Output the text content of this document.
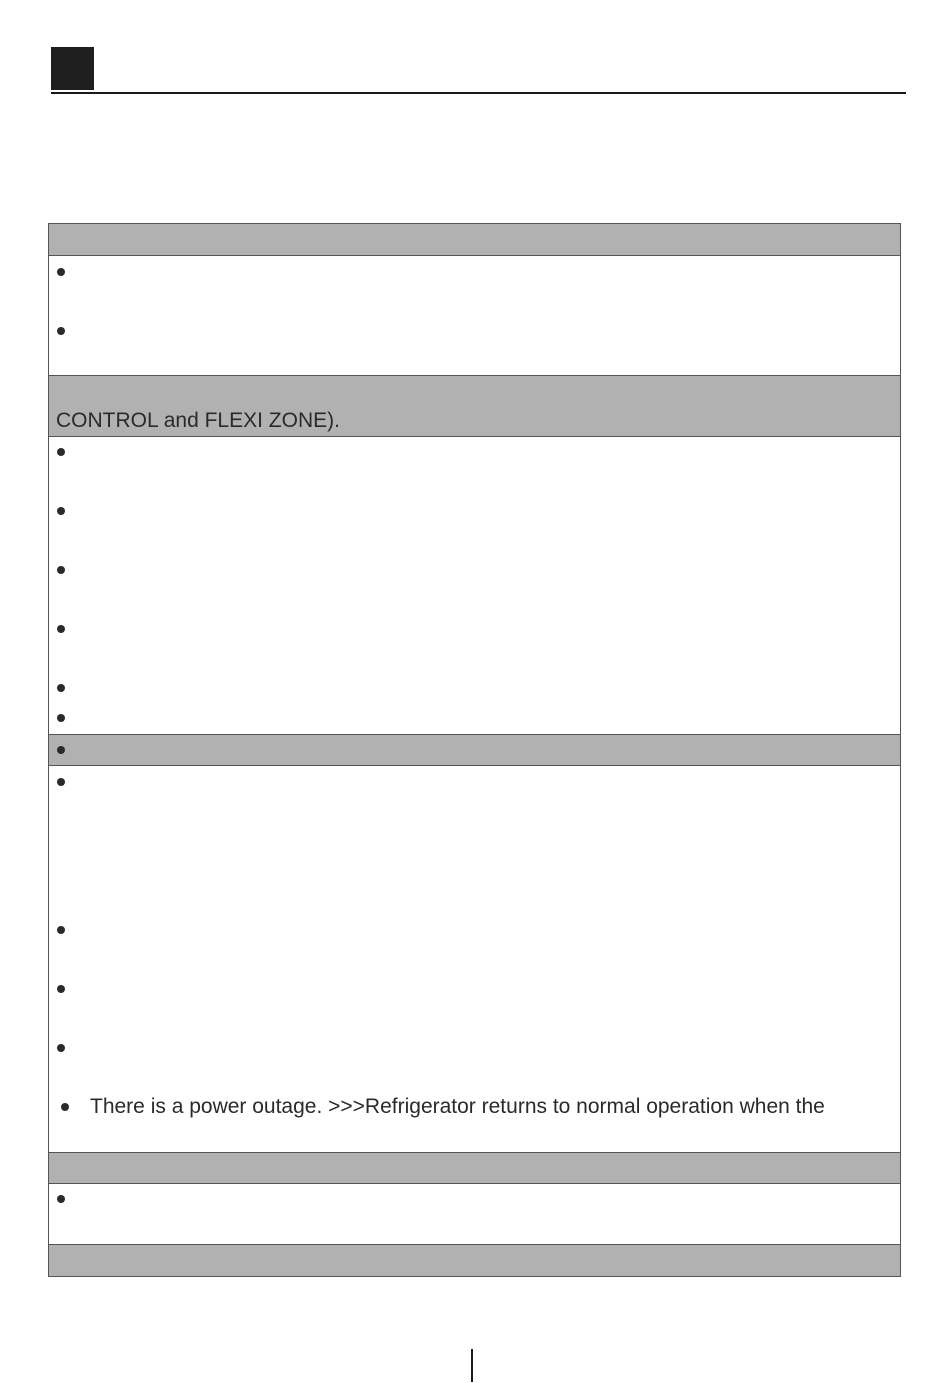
CONTROL and FLEXI ZONE).
There is a power outage. >>>Refrigerator returns to normal operation when the
